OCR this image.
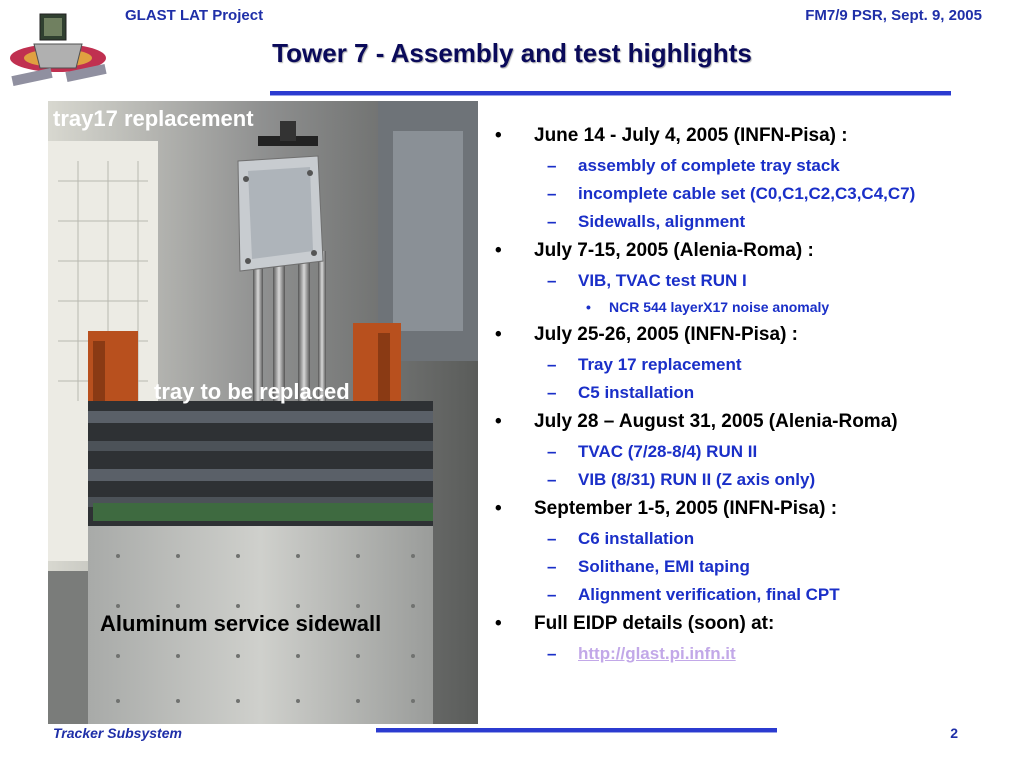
GLAST LAT Project	FM7/9 PSR, Sept. 9, 2005
Tower 7 - Assembly and test highlights
tray17 replacement
tray to be replaced
Aluminum service sidewall
• June 14 - July 4, 2005 (INFN-Pisa) :
– assembly of complete tray stack
– incomplete cable set (C0,C1,C2,C3,C4,C7)
– Sidewalls, alignment
• July 7-15, 2005 (Alenia-Roma) :
– VIB, TVAC test RUN I
• NCR 544 layerX17 noise anomaly
• July 25-26, 2005 (INFN-Pisa) :
– Tray 17 replacement
– C5 installation
• July 28 – August 31, 2005 (Alenia-Roma)
– TVAC (7/28-8/4) RUN II
– VIB (8/31) RUN II (Z axis only)
• September 1-5, 2005 (INFN-Pisa) :
– C6 installation
– Solithane, EMI taping
– Alignment verification, final CPT
• Full EIDP details (soon) at:
– http://glast.pi.infn.it
Tracker Subsystem	2
